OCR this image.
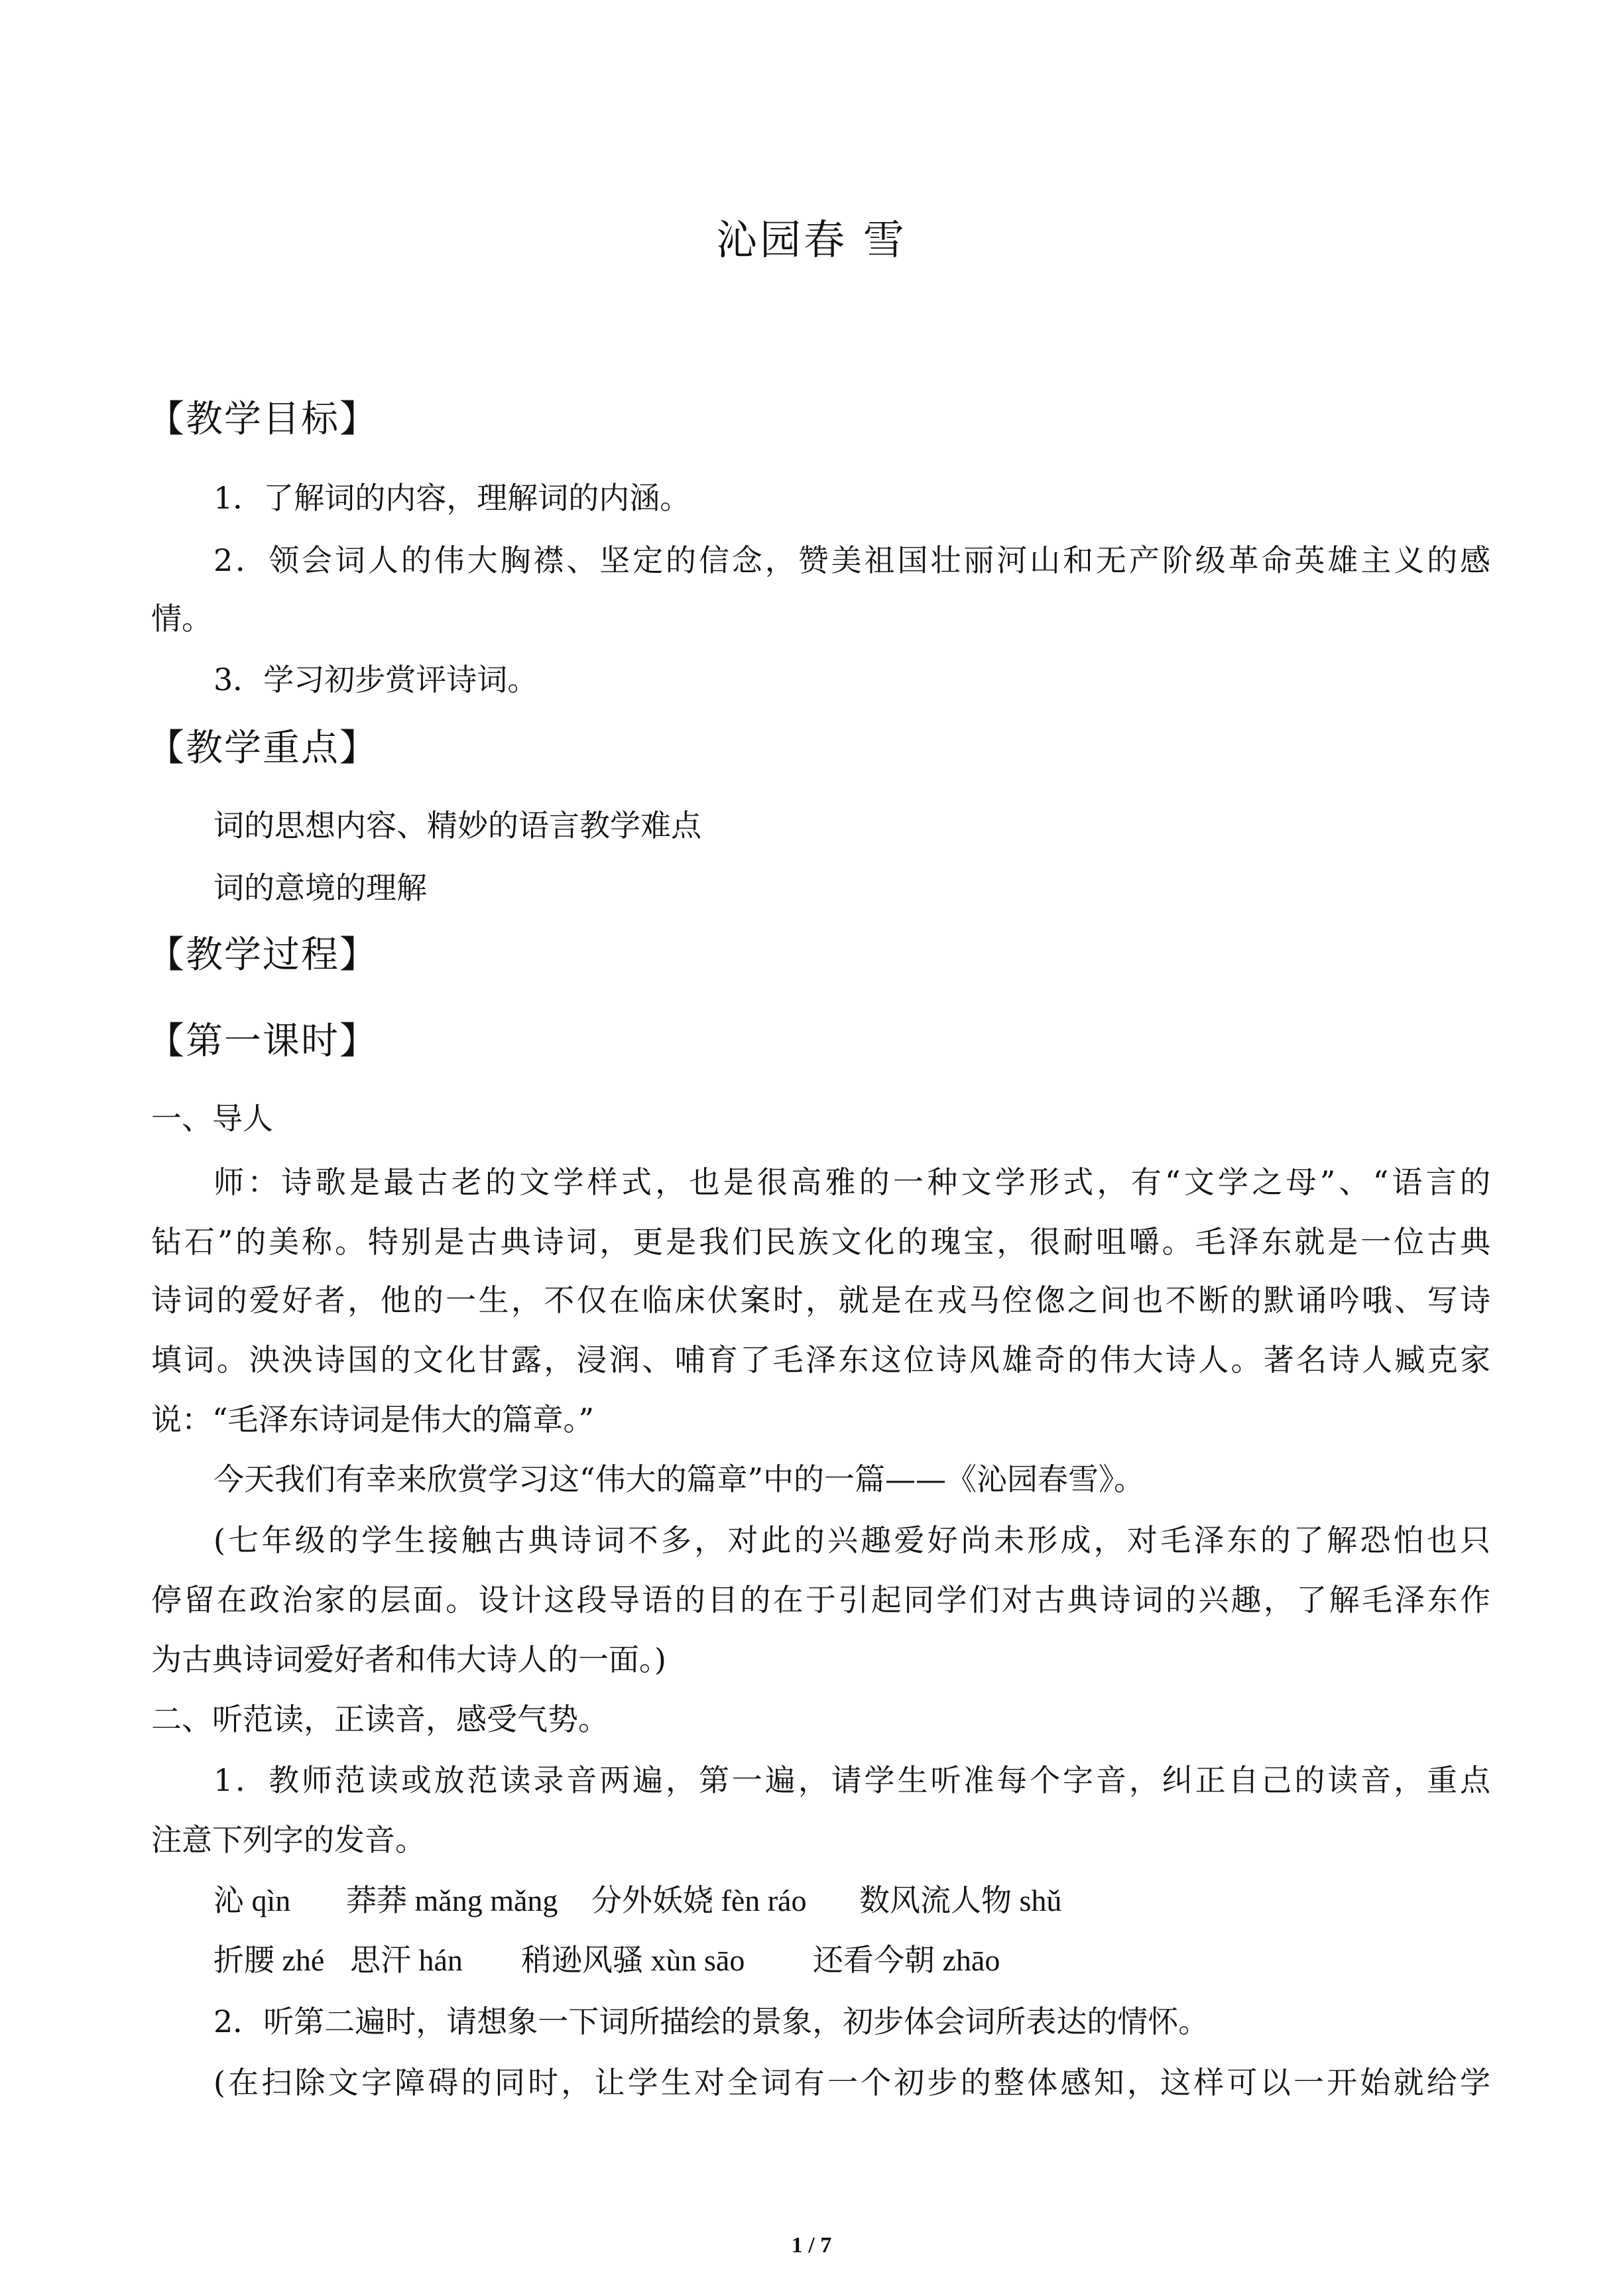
沁园春 雪
【教学目标】
1．了解词的内容，理解词的内涵。
2．领会词人的伟大胸襟、坚定的信念，赞美祖国壮丽河山和无产阶级革命英雄主义的感
情。
3．学习初步赏评诗词。
【教学重点】
词的思想内容、精妙的语言教学难点
词的意境的理解
【教学过程】
【第一课时】
一、导人
师：诗歌是最古老的文学样式，也是很高雅的一种文学形式，有“文学之母”、“语言的
钻石”的美称。特别是古典诗词，更是我们民族文化的瑰宝，很耐咀嚼。毛泽东就是一位古典
诗词的爱好者，他的一生，不仅在临床伏案时，就是在戎马倥偬之间也不断的默诵吟哦、写诗
填词。泱泱诗国的文化甘露，浸润、哺育了毛泽东这位诗风雄奇的伟大诗人。著名诗人臧克家
说：“毛泽东诗词是伟大的篇章。”
今天我们有幸来欣赏学习这“伟大的篇章”中的一篇——《沁园春雪》。
(七年级的学生接触古典诗词不多，对此的兴趣爱好尚未形成，对毛泽东的了解恐怕也只
停留在政治家的层面。设计这段导语的目的在于引起同学们对古典诗词的兴趣，了解毛泽东作
为古典诗词爱好者和伟大诗人的一面。)
二、听范读，正读音，感受气势。
1．教师范读或放范读录音两遍，第一遍，请学生听准每个字音，纠正自己的读音，重点
注意下列字的发音。
沁 qìn 莽莽 mǎng mǎng 分外妖娆 fèn ráo 数风流人物 shǔ
折腰 zhé 思汗 hán 稍逊风骚 xùn sāo 还看今朝 zhāo
2．听第二遍时，请想象一下词所描绘的景象，初步体会词所表达的情怀。
(在扫除文字障碍的同时，让学生对全词有一个初步的整体感知，这样可以一开始就给学
1 / 7
